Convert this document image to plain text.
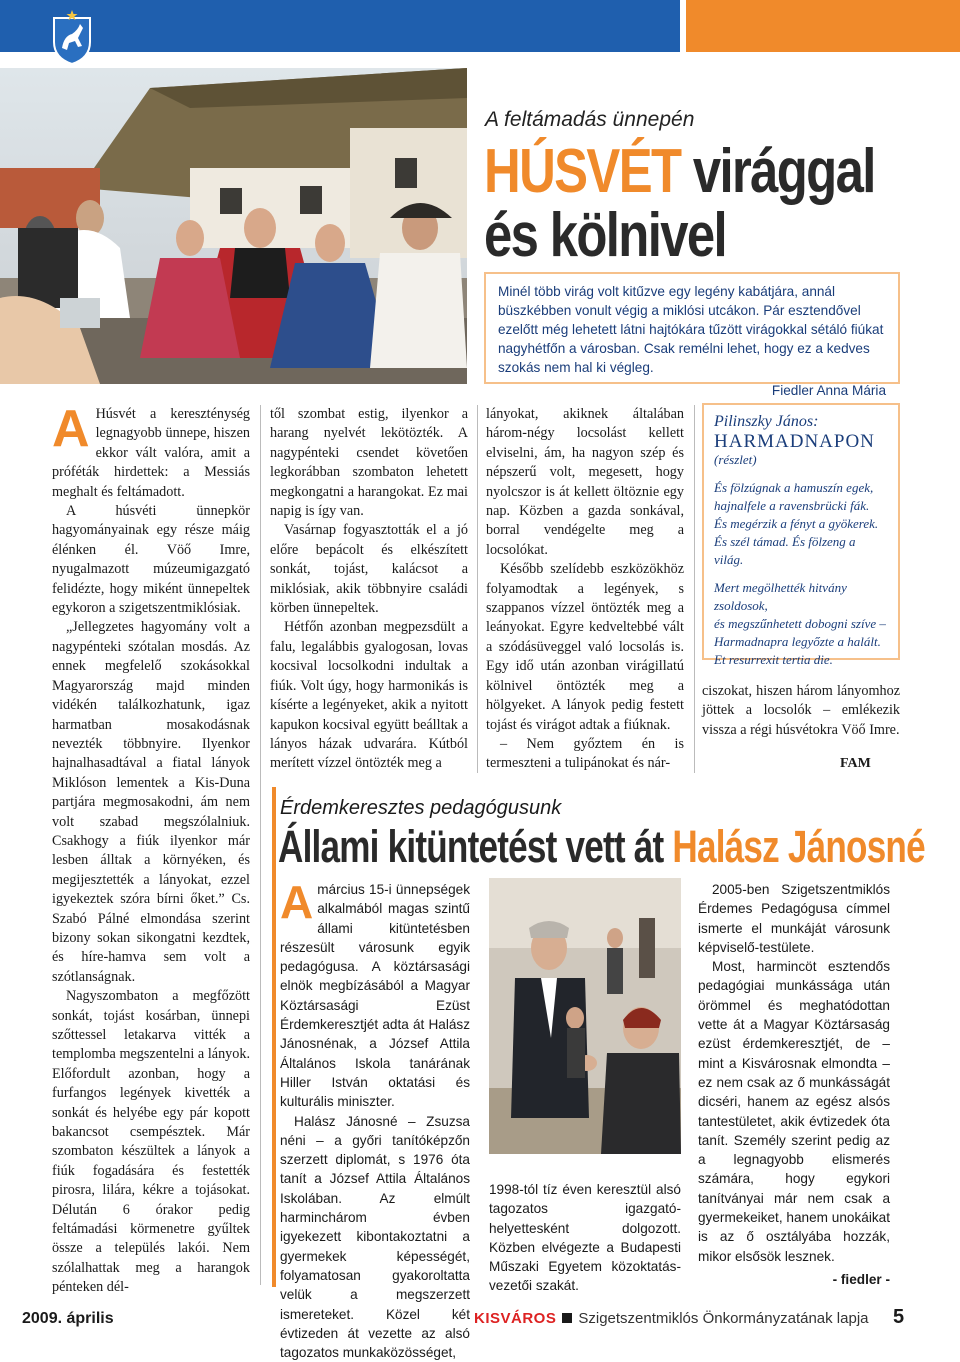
A feltámadás ünnepén
HÚSVÉT virággal
és kölnivel
Minél több virág volt kitűzve egy legény kabátjára, annál büszkébben vonult végig a miklósi utcákon. Pár esztendővel ezelőtt még lehetett látni hajtókára tűzött virágokkal sétáló fiúkat nagyhétfőn a városban. Csak remélni lehet, hogy ez a kedves szokás nem hal ki végleg.
Fiedler Anna Mária

A Húsvét a kereszténység legnagyobb ünnepe, hiszen ekkor vált valóra, amit a próféták hirdettek: a Messiás meghalt és feltámadott.

A húsvéti ünnepkör hagyományainak egy része máig élénken él. Vöő Imre, nyugalmazott múzeumigazgató felidézte, hogy miként ünnepeltek egykoron a szigetszentmiklósiak.

„Jellegzetes hagyomány volt a nagypénteki szótalan mosdás. Az ennek megfelelő szokásokkal Magyarország majd minden vidékén találkozhatunk, igaz harmatban mosakodásnak nevezték többnyire. Ilyenkor hajnalhasadtával a fiatal lányok Miklóson lementek a Kis-Duna partjára megmosakodni, ám nem volt szabad megszólalniuk. Csakhogy a fiúk ilyenkor már lesben álltak a környéken, és megijesztették a lányokat, ezzel igyekeztek szóra bírni őket.” Cs. Szabó Pálné elmondása szerint bizony sokan sikongatni kezdtek, és híre-hamva sem volt a szótlanságnak.

Nagyszombaton a megfőzött sonkát, tojást kosárban, ünnepi szőttessel letakarva vitték a templomba megszentelni a lányok. Előfordult azonban, hogy a furfangos legények kivették a sonkát és helyébe egy pár kopott bakancsot csempésztek. Már szombaton készültek a lányok a fiúk fogadására és festették pirosra, lilára, kékre a tojásokat. Délután 6 órakor pedig feltámadási körmenetre gyűltek össze a település lakói. Nem szólalhattak meg a harangok pénteken dél-

től szombat estig, ilyenkor a harang nyelvét lekötözték. A nagypénteki csendet követően legkorábban szombaton lehetett megkongatni a harangokat. Ez mai napig is így van.

Vasárnap fogyasztották el a jó előre bepácolt és elkészített sonkát, tojást, kalácsot a miklósiak, akik többnyire családi körben ünnepeltek.

Hétfőn azonban megpezsdült a falu, legalábbis gyalogosan, lovas kocsival locsolkodni indultak a fiúk. Volt úgy, hogy harmonikás is kísérte a legényeket, akik a nyitott kapukon kocsival együtt beálltak a lányos házak udvarára. Kútból merített vízzel öntözték meg a

lányokat, akiknek általában három-négy locsolást kellett elviselni, ám, ha nagyon szép és népszerű volt, megesett, hogy nyolcszor is át kellett öltöznie egy nap. Közben a gazda sonkával, borral vendégelte meg a locsolókat.

Később szelídebb eszközökhöz folyamodtak a legények, s szappanos vízzel öntözték meg a leányokat. Egyre kedveltebbé vált a szódásüveggel való locsolás is. Egy idő után azonban virágillatú kölnivel öntözték meg a hölgyeket. A lányok pedig festett tojást és virágot adtak a fiúknak.

– Nem győztem én is termeszteni a tulipánokat és nár-

Pilinszky János:
HARMADNAPON
(részlet)
És fölzúgnak a hamuszín egek,
hajnalfele a ravensbrücki fák.
És megérzik a fényt a gyökerek.
És szél támad. És fölzeng a világ.
Mert megölhették hitvány zsoldosok,
és megszűnhetett dobogni szíve –
Harmadnapra legyőzte a halált.
Et resurrexit tertia die.
ciszokat, hiszen három lányomhoz jöttek a locsolók – emlékezik vissza a régi húsvétokra Vöő Imre.
FAM
Érdemkeresztes pedagógusunk
Állami kitüntetést vett át Halász Jánosné

Amárcius 15-i ünnepségek alkalmából magas szintű állami kitüntetésben részesült városunk egyik pedagógusa. A köztársasági elnök megbízásából a Magyar Köztársasági Ezüst Érdemkeresztjét adta át Halász Jánosnénak, a József Attila Általános Iskola tanárának Hiller István oktatási és kulturális miniszter.

Halász Jánosné – Zsuzsa néni – a győri tanítóképzőn szerzett diplomát, s 1976 óta tanít a József Attila Általános Iskolában. Az elmúlt harminchárom évben igyekezett kibontakoztatni a gyermekek képességét, folyamatosan gyakoroltatta velük a megszerzett ismereteket. Közel két évtizeden át vezette az alsó tagozatos munkaközösséget,

1998-tól tíz éven keresztül alsó tagozatos igazgató-helyettesként dolgozott. Közben elvégezte a Budapesti Műszaki Egyetem közoktatás-vezetői szakát.

2005-ben Szigetszentmiklós Érdemes Pedagógusa címmel ismerte el munkáját városunk képviselő-testülete.

Most, harmincöt esztendős pedagógiai munkássága után örömmel és meghatódottan vette át a Magyar Köztársaság ezüst érdemkeresztjét, de – mint a Kisvárosnak elmondta – ez nem csak az ő munkásságát dicséri, hanem az egész alsós tantestületet, akik évtizedek óta tanít. Személy szerint pedig az a legnagyobb elismerés számára, hogy egykori tanítványai már nem csak a gyermekeiket, hanem unokáikat is az ő osztályába hozzák, mikor elsősök lesznek.

- fiedler -
2009. április	KISVÁROS Szigetszentmiklós Önkormányzatának lapja 5
